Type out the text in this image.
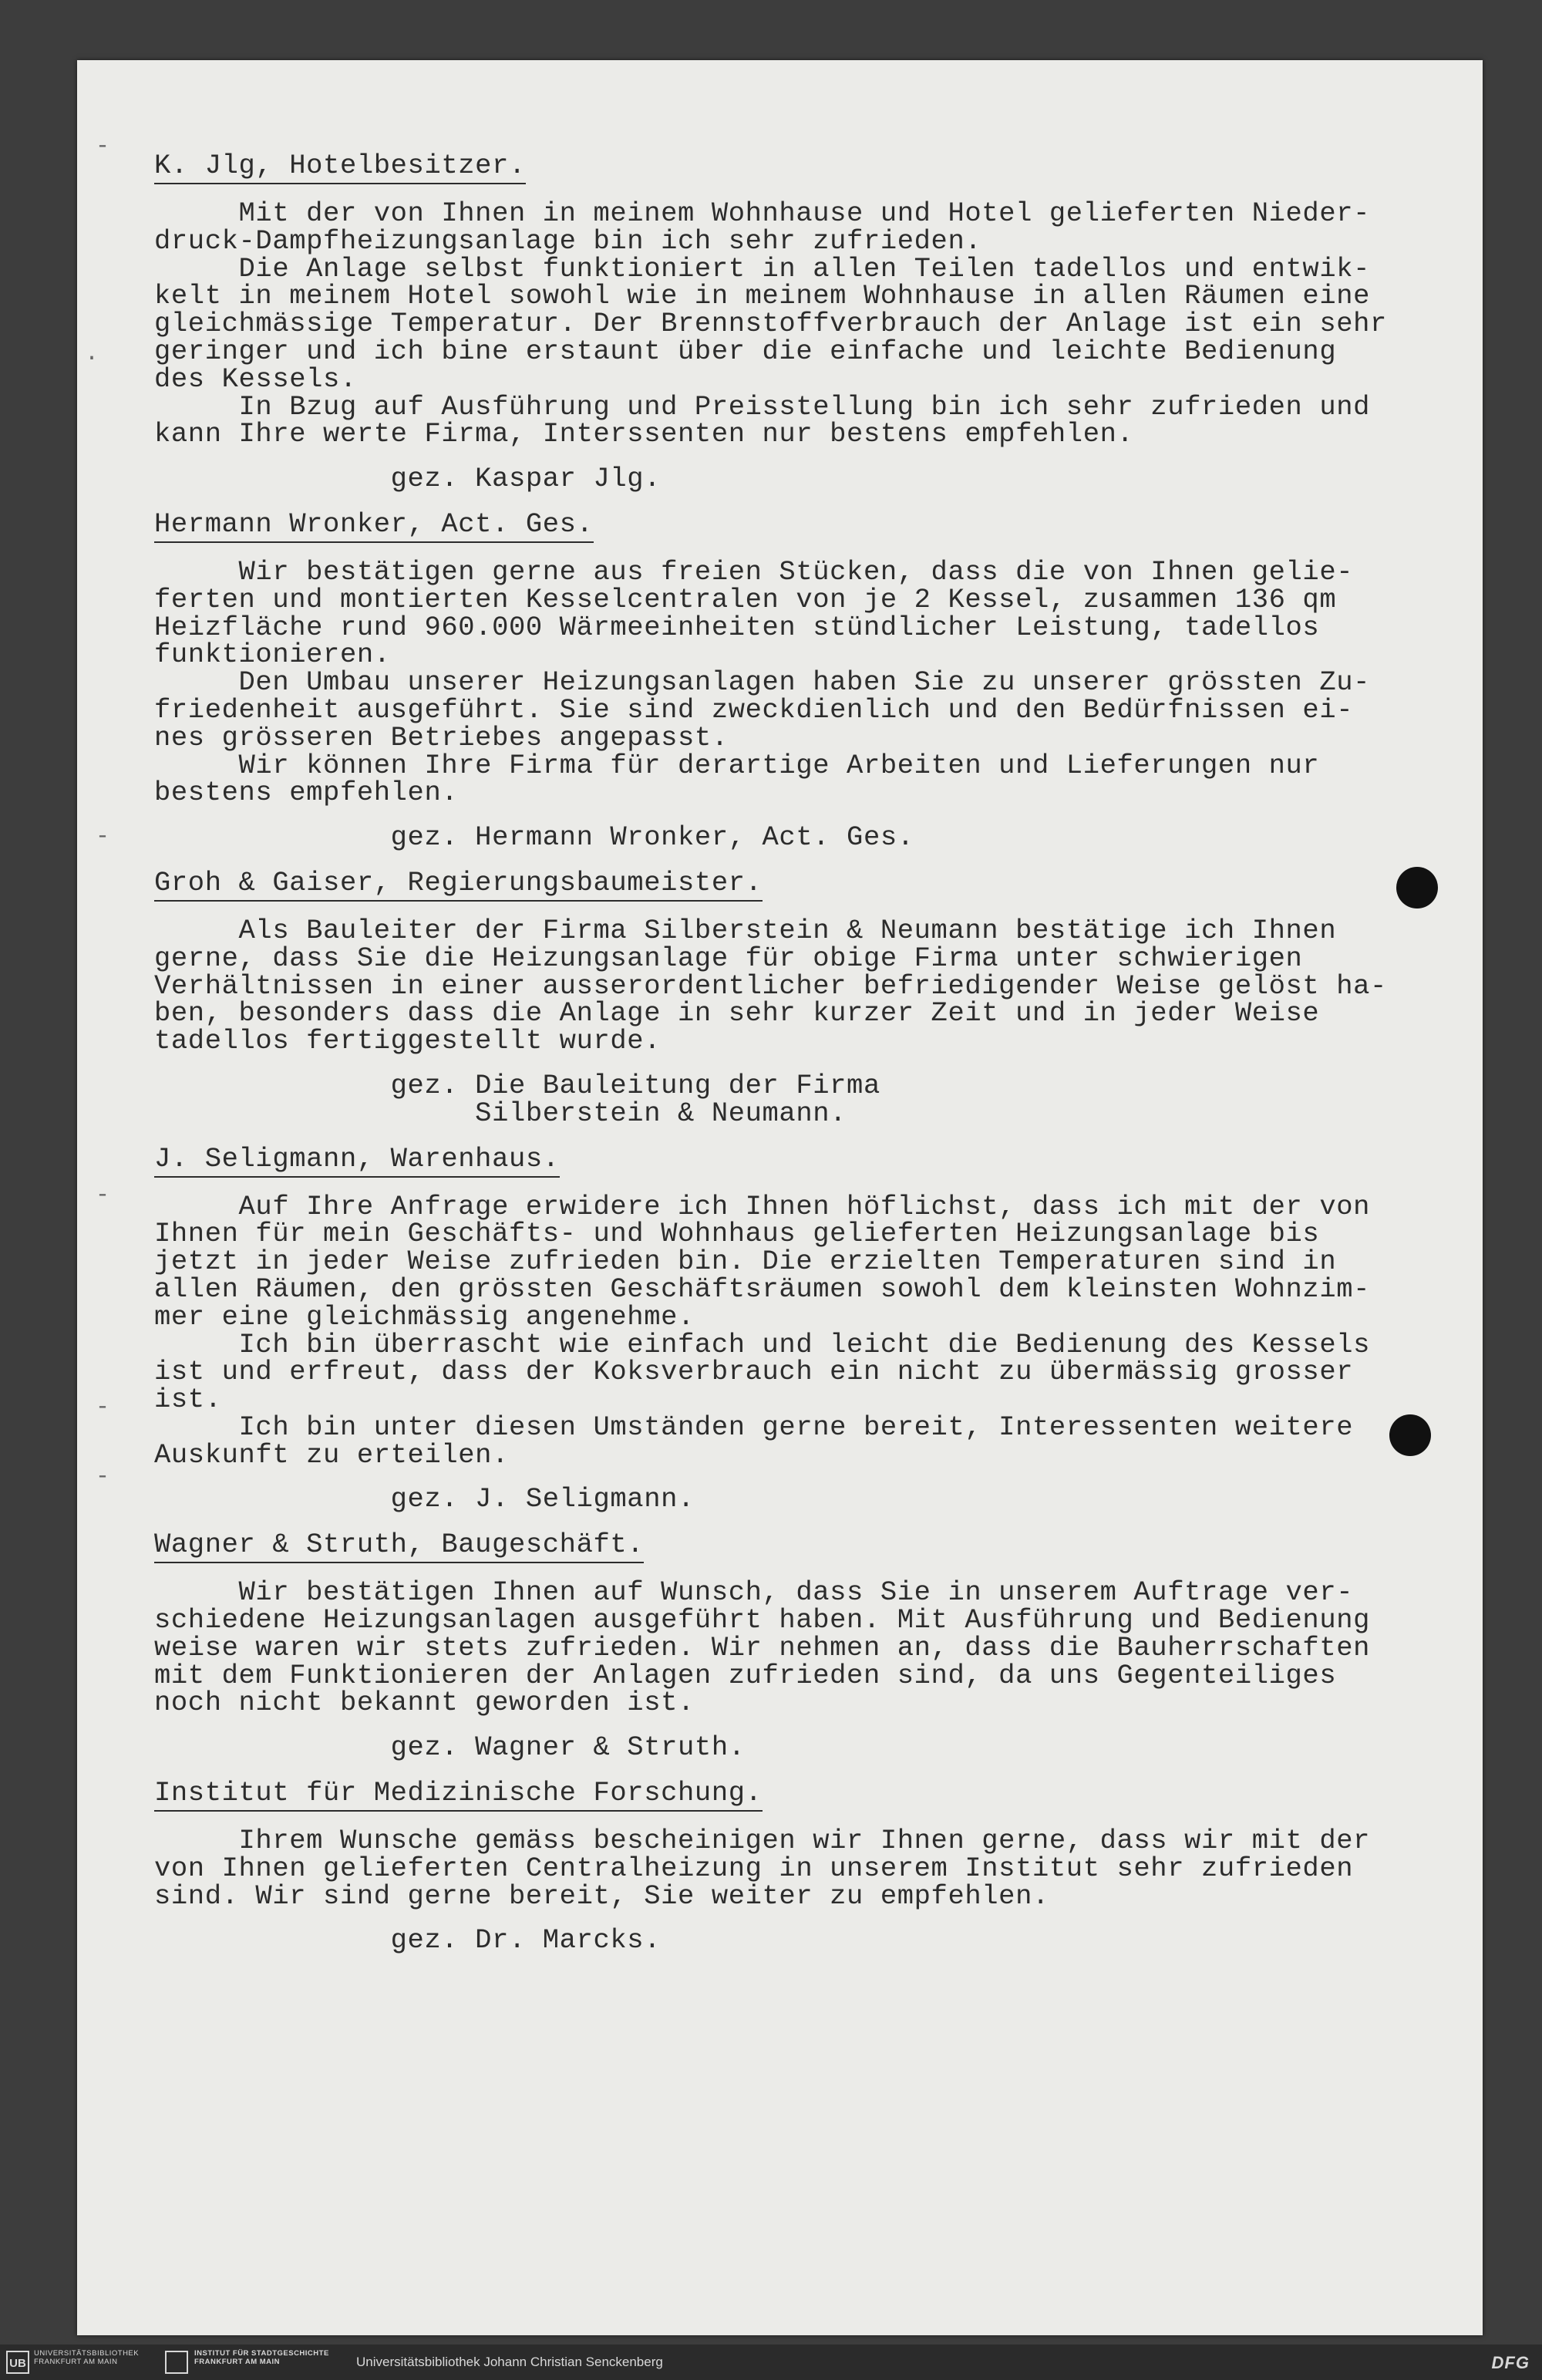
-
·
-
-
-
-
K. Jlg, Hotelbesitzer.
Mit der von Ihnen in meinem Wohnhause und Hotel gelieferten Nieder-
druck-Dampfheizungsanlage bin ich sehr zufrieden.
Die Anlage selbst funktioniert in allen Teilen tadellos und entwik-
kelt in meinem Hotel sowohl wie in meinem Wohnhause in allen Räumen eine
gleichmässige Temperatur. Der Brennstoffverbrauch der Anlage ist ein sehr
geringer und ich bine erstaunt über die einfache und leichte Bedienung
des Kessels.
In Bzug auf Ausführung und Preisstellung bin ich sehr zufrieden und
kann Ihre werte Firma, Interssenten nur bestens empfehlen.
gez. Kaspar Jlg.
Hermann Wronker, Act. Ges.
Wir bestätigen gerne aus freien Stücken, dass die von Ihnen gelie-
ferten und montierten Kesselcentralen von je 2 Kessel, zusammen 136 qm
Heizfläche rund 960.000 Wärmeeinheiten stündlicher Leistung, tadellos
funktionieren.
Den Umbau unserer Heizungsanlagen haben Sie zu unserer grössten Zu-
friedenheit ausgeführt. Sie sind zweckdienlich und den Bedürfnissen ei-
nes grösseren Betriebes angepasst.
Wir können Ihre Firma für derartige Arbeiten und Lieferungen nur
bestens empfehlen.
gez. Hermann Wronker, Act. Ges.
Groh & Gaiser, Regierungsbaumeister.
Als Bauleiter der Firma Silberstein & Neumann bestätige ich Ihnen
gerne, dass Sie die Heizungsanlage für obige Firma unter schwierigen
Verhältnissen in einer ausserordentlicher befriedigender Weise gelöst ha-
ben, besonders dass die Anlage in sehr kurzer Zeit und in jeder Weise
tadellos fertiggestellt wurde.
gez. Die Bauleitung der Firma
Silberstein & Neumann.
J. Seligmann, Warenhaus.
Auf Ihre Anfrage erwidere ich Ihnen höflichst, dass ich mit der von
Ihnen für mein Geschäfts- und Wohnhaus gelieferten Heizungsanlage bis
jetzt in jeder Weise zufrieden bin. Die erzielten Temperaturen sind in
allen Räumen, den grössten Geschäftsräumen sowohl dem kleinsten Wohnzim-
mer eine gleichmässig angenehme.
Ich bin überrascht wie einfach und leicht die Bedienung des Kessels
ist und erfreut, dass der Koksverbrauch ein nicht zu übermässig grosser
ist.
Ich bin unter diesen Umständen gerne bereit, Interessenten weitere
Auskunft zu erteilen.
gez. J. Seligmann.
Wagner & Struth, Baugeschäft.
Wir bestätigen Ihnen auf Wunsch, dass Sie in unserem Auftrage ver-
schiedene Heizungsanlagen ausgeführt haben. Mit Ausführung und Bedienung
weise waren wir stets zufrieden. Wir nehmen an, dass die Bauherrschaften
mit dem Funktionieren der Anlagen zufrieden sind, da uns Gegenteiliges
noch nicht bekannt geworden ist.
gez. Wagner & Struth.
Institut für Medizinische Forschung.
Ihrem Wunsche gemäss bescheinigen wir Ihnen gerne, dass wir mit der
von Ihnen gelieferten Centralheizung in unserem Institut sehr zufrieden
sind. Wir sind gerne bereit, Sie weiter zu empfehlen.
gez. Dr. Marcks.
UB
UNIVERSITÄTSBIBLIOTHEK FRANKFURT AM MAIN
INSTITUT FÜR STADTGESCHICHTE FRANKFURT AM MAIN	Universitätsbibliothek Johann Christian Senckenberg	DFG
